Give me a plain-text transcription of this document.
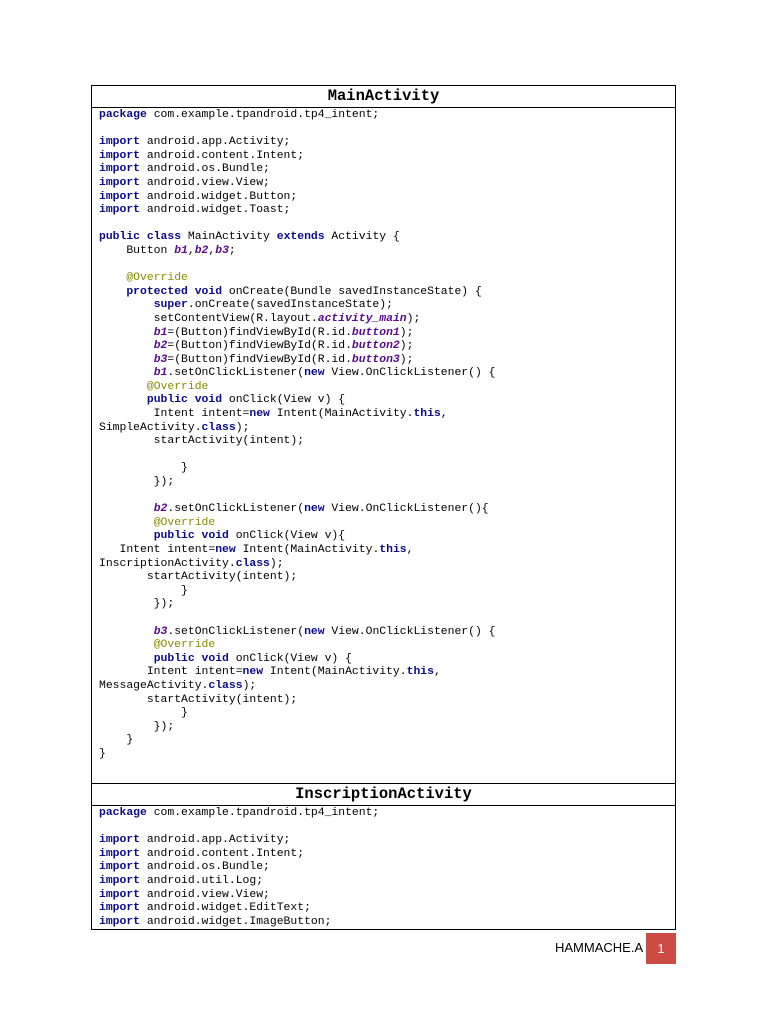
MainActivity
package com.example.tpandroid.tp4_intent;
import android.app.Activity;
import android.content.Intent;
import android.os.Bundle;
import android.view.View;
import android.widget.Button;
import android.widget.Toast;
public class MainActivity extends Activity {
Button b1,b2,b3;
@Override
protected void onCreate(Bundle savedInstanceState) {
super.onCreate(savedInstanceState);
setContentView(R.layout.activity_main);
b1=(Button)findViewById(R.id.button1);
b2=(Button)findViewById(R.id.button2);
b3=(Button)findViewById(R.id.button3);
b1.setOnClickListener(new View.OnClickListener() {
@Override
public void onClick(View v) {
Intent intent=new Intent(MainActivity.this,
SimpleActivity.class);
startActivity(intent);
}
});
b2.setOnClickListener(new View.OnClickListener(){
@Override
public void onClick(View v){
Intent intent=new Intent(MainActivity.this,
InscriptionActivity.class);
startActivity(intent);
}
});
b3.setOnClickListener(new View.OnClickListener() {
@Override
public void onClick(View v) {
Intent intent=new Intent(MainActivity.this,
MessageActivity.class);
startActivity(intent);
}
});
}
}
InscriptionActivity
package com.example.tpandroid.tp4_intent;
import android.app.Activity;
import android.content.Intent;
import android.os.Bundle;
import android.util.Log;
import android.view.View;
import android.widget.EditText;
import android.widget.ImageButton;
HAMMACHE.A	1
